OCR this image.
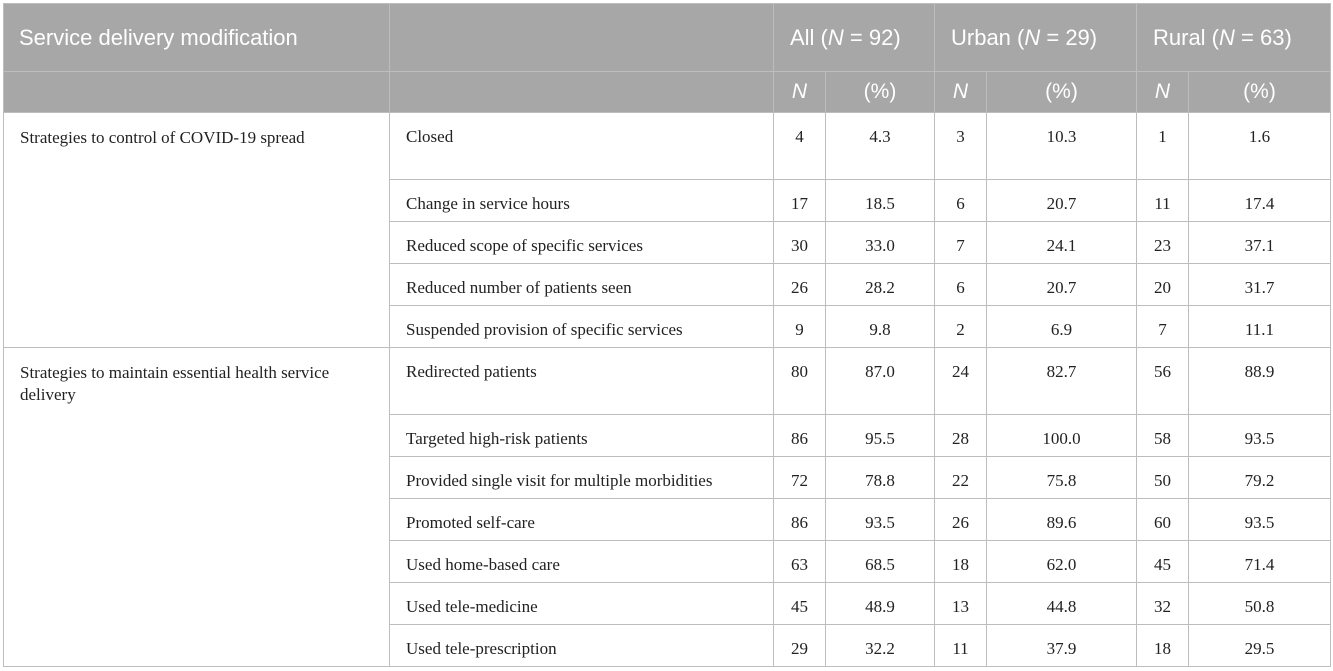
Service delivery modification		All (N = 92)		Urban (N = 29)		Rural (N = 63)	
		N	(%)	N	(%)	N	(%)
Strategies to control of COVID-19 spread	Closed	4	4.3	3	10.3	1	1.6
	Change in service hours	17	18.5	6	20.7	11	17.4
	Reduced scope of specific services	30	33.0	7	24.1	23	37.1
	Reduced number of patients seen	26	28.2	6	20.7	20	31.7
	Suspended provision of specific services	9	9.8	2	6.9	7	11.1
Strategies to maintain essential health service delivery	Redirected patients	80	87.0	24	82.7	56	88.9
	Targeted high-risk patients	86	95.5	28	100.0	58	93.5
	Provided single visit for multiple morbidities	72	78.8	22	75.8	50	79.2
	Promoted self-care	86	93.5	26	89.6	60	93.5
	Used home-based care	63	68.5	18	62.0	45	71.4
	Used tele-medicine	45	48.9	13	44.8	32	50.8
	Used tele-prescription	29	32.2	11	37.9	18	29.5
